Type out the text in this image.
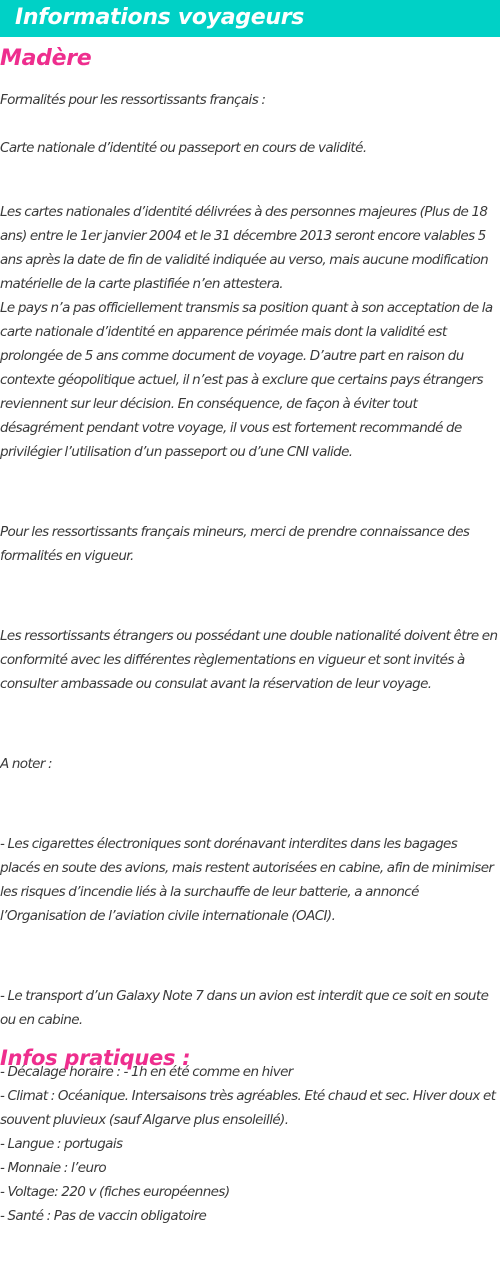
Informations voyageurs
Madère

Formalités pour les ressortissants français :

Carte nationale d’identité ou passeport en cours de validité.

Les cartes nationales d’identité délivrées à des personnes majeures (Plus de 18 ans) entre le 1er janvier 2004 et le 31 décembre 2013 seront encore valables 5 ans après la date de fin de validité indiquée au verso, mais aucune modification matérielle de la carte plastifiée n’en attestera.

Le pays n’a pas officiellement transmis sa position quant à son acceptation de la carte nationale d’identité en apparence périmée mais dont la validité est prolongée de 5 ans comme document de voyage. D’autre part en raison du contexte géopolitique actuel, il n’est pas à exclure que certains pays étrangers reviennent sur leur décision. En conséquence, de façon à éviter tout désagrément pendant votre voyage, il vous est fortement recommandé de privilégier l’utilisation d’un passeport ou d’une CNI valide.

Pour les ressortissants français mineurs, merci de prendre connaissance des formalités en vigueur.

Les ressortissants étrangers ou possédant une double nationalité doivent être en conformité avec les différentes règlementations en vigueur et sont invités à consulter ambassade ou consulat avant la réservation de leur voyage.

A noter :

- Les cigarettes électroniques sont dorénavant interdites dans les bagages placés en soute des avions, mais restent autorisées en cabine, afin de minimiser les risques d’incendie liés à la surchauffe de leur batterie, a annoncé l’Organisation de l’aviation civile internationale (OACI).

- Le transport d’un Galaxy Note 7 dans un avion est interdit que ce soit en soute ou en cabine.

Infos pratiques :

- Décalage horaire : - 1h en été comme en hiver

- Climat : Océanique. Intersaisons très agréables. Eté chaud et sec. Hiver doux et souvent pluvieux (sauf Algarve plus ensoleillé).

- Langue : portugais

- Monnaie : l’euro

- Voltage: 220 v (fiches européennes)

- Santé : Pas de vaccin obligatoire
